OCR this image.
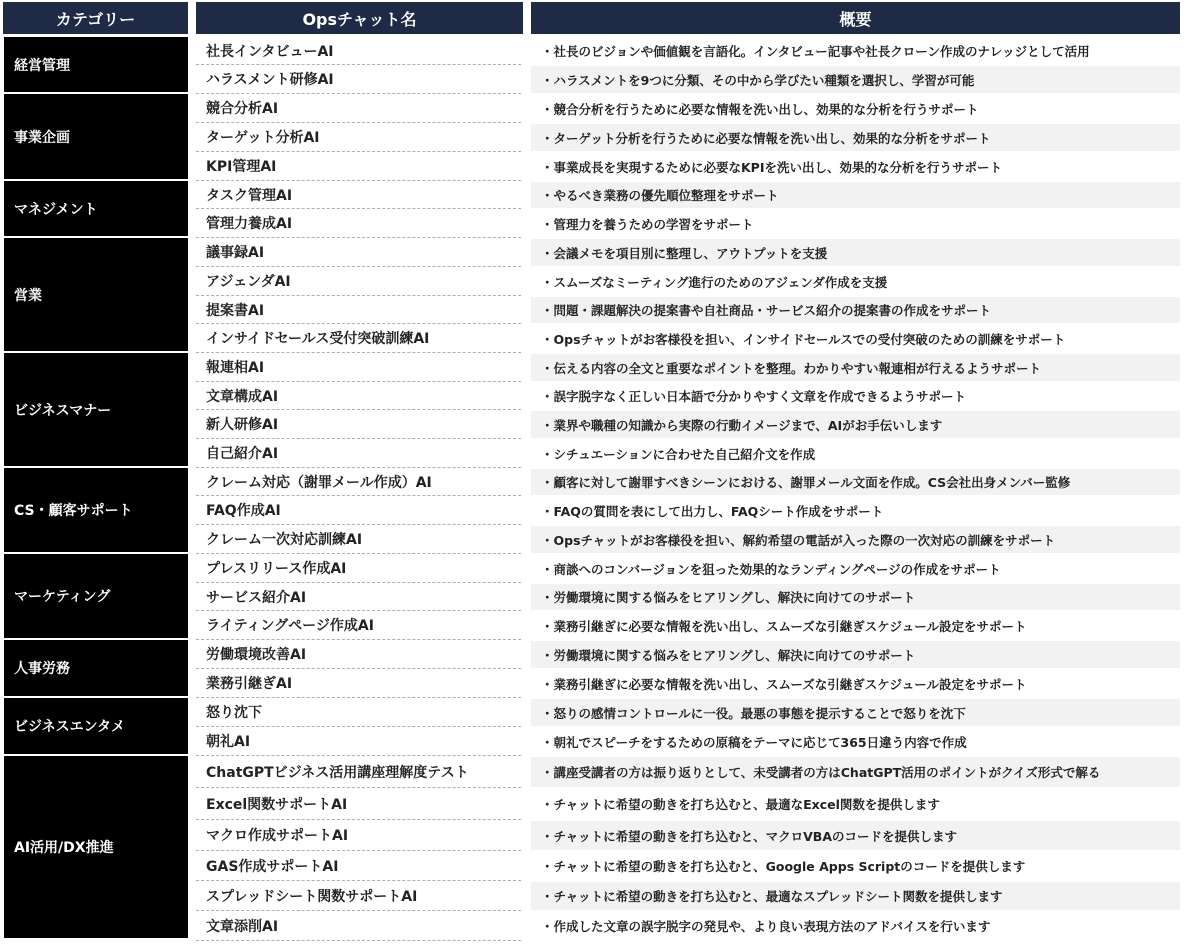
カテゴリー	Opsチャット名	概要
経営管理
社長インタビューAI	・社長のビジョンや価値観を言語化。インタビュー記事や社長クローン作成のナレッジとして活用
ハラスメント研修AI	・ハラスメントを9つに分類、その中から学びたい種類を選択し、学習が可能
事業企画
競合分析AI	・競合分析を行うために必要な情報を洗い出し、効果的な分析を行うサポート
ターゲット分析AI	・ターゲット分析を行うために必要な情報を洗い出し、効果的な分析をサポート
KPI管理AI	・事業成長を実現するために必要なKPIを洗い出し、効果的な分析を行うサポート
マネジメント
タスク管理AI	・やるべき業務の優先順位整理をサポート
管理力養成AI	・管理力を養うための学習をサポート
営業
議事録AI	・会議メモを項目別に整理し、アウトプットを支援
アジェンダAI	・スムーズなミーティング進行のためのアジェンダ作成を支援
提案書AI	・問題・課題解決の提案書や自社商品・サービス紹介の提案書の作成をサポート
インサイドセールス受付突破訓練AI	・Opsチャットがお客様役を担い、インサイドセールスでの受付突破のための訓練をサポート
ビジネスマナー
報連相AI	・伝える内容の全文と重要なポイントを整理。わかりやすい報連相が行えるようサポート
文章構成AI	・誤字脱字なく正しい日本語で分かりやすく文章を作成できるようサポート
新人研修AI	・業界や職種の知識から実際の行動イメージまで、AIがお手伝いします
自己紹介AI	・シチュエーションに合わせた自己紹介文を作成
CS・顧客サポート
クレーム対応（謝罪メール作成）AI	・顧客に対して謝罪すべきシーンにおける、謝罪メール文面を作成。CS会社出身メンバー監修
FAQ作成AI	・FAQの質問を表にして出力し、FAQシート作成をサポート
クレーム一次対応訓練AI	・Opsチャットがお客様役を担い、解約希望の電話が入った際の一次対応の訓練をサポート
マーケティング
プレスリリース作成AI	・商談へのコンバージョンを狙った効果的なランディングページの作成をサポート
サービス紹介AI	・労働環境に関する悩みをヒアリングし、解決に向けてのサポート
ライティングページ作成AI	・業務引継ぎに必要な情報を洗い出し、スムーズな引継ぎスケジュール設定をサポート
人事労務
労働環境改善AI	・労働環境に関する悩みをヒアリングし、解決に向けてのサポート
業務引継ぎAI	・業務引継ぎに必要な情報を洗い出し、スムーズな引継ぎスケジュール設定をサポート
ビジネスエンタメ
怒り沈下	・怒りの感情コントロールに一役。最悪の事態を提示することで怒りを沈下
朝礼AI	・朝礼でスピーチをするための原稿をテーマに応じて365日違う内容で作成
AI活用/DX推進
ChatGPTビジネス活用講座理解度テスト	・講座受講者の方は振り返りとして、未受講者の方はChatGPT活用のポイントがクイズ形式で解る
Excel関数サポートAI	・チャットに希望の動きを打ち込むと、最適なExcel関数を提供します
マクロ作成サポートAI	・チャットに希望の動きを打ち込むと、マクロVBAのコードを提供します
GAS作成サポートAI	・チャットに希望の動きを打ち込むと、Google Apps Scriptのコードを提供します
スプレッドシート関数サポートAI	・チャットに希望の動きを打ち込むと、最適なスプレッドシート関数を提供します
文章添削AI	・作成した文章の誤字脱字の発見や、より良い表現方法のアドバイスを行います
